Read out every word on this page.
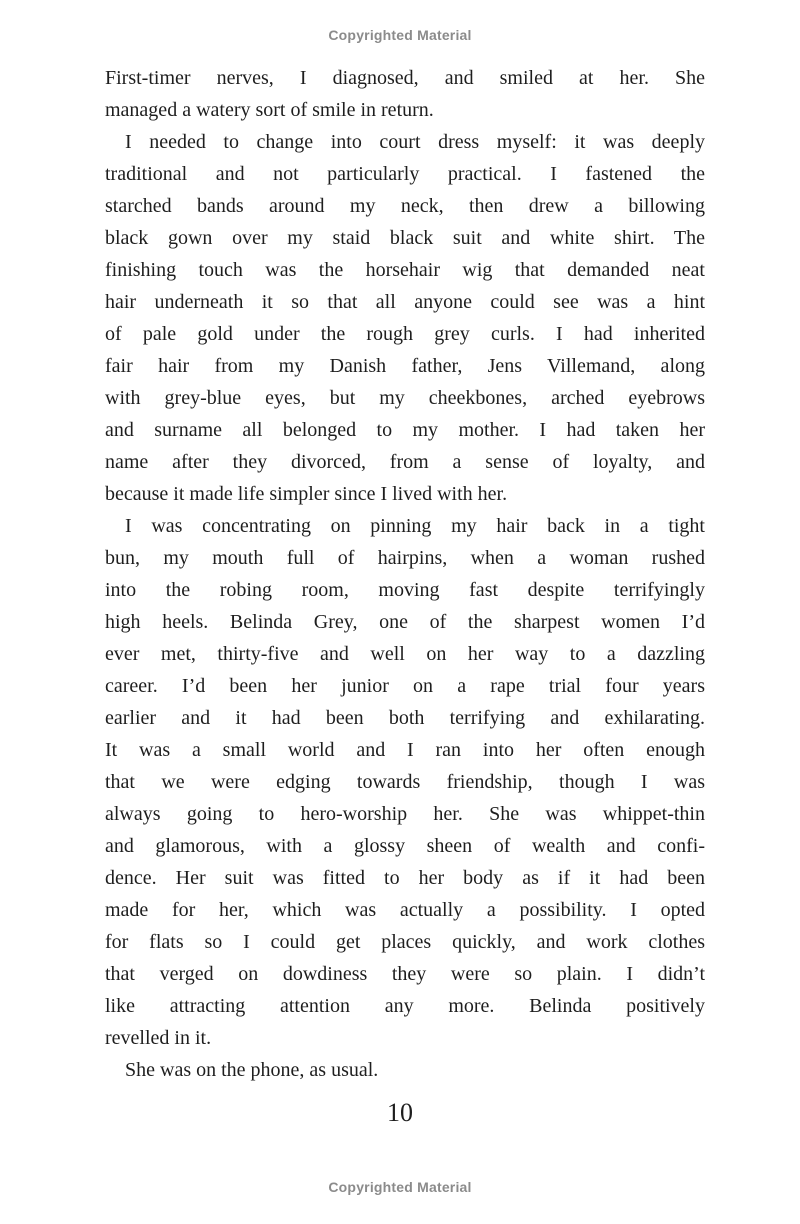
Copyrighted Material
First-timer nerves, I diagnosed, and smiled at her. She
managed a watery sort of smile in return.
I needed to change into court dress myself: it was deeply
traditional and not particularly practical. I fastened the
starched bands around my neck, then drew a billowing
black gown over my staid black suit and white shirt. The
finishing touch was the horsehair wig that demanded neat
hair underneath it so that all anyone could see was a hint
of pale gold under the rough grey curls. I had inherited
fair hair from my Danish father, Jens Villemand, along
with grey-blue eyes, but my cheekbones, arched eyebrows
and surname all belonged to my mother. I had taken her
name after they divorced, from a sense of loyalty, and
because it made life simpler since I lived with her.
I was concentrating on pinning my hair back in a tight
bun, my mouth full of hairpins, when a woman rushed
into the robing room, moving fast despite terrifyingly
high heels. Belinda Grey, one of the sharpest women I’d
ever met, thirty-five and well on her way to a dazzling
career. I’d been her junior on a rape trial four years
earlier and it had been both terrifying and exhilarating.
It was a small world and I ran into her often enough
that we were edging towards friendship, though I was
always going to hero-worship her. She was whippet-thin
and glamorous, with a glossy sheen of wealth and confi-
dence. Her suit was fitted to her body as if it had been
made for her, which was actually a possibility. I opted
for flats so I could get places quickly, and work clothes
that verged on dowdiness they were so plain. I didn’t
like attracting attention any more. Belinda positively
revelled in it.
She was on the phone, as usual.
10
Copyrighted Material
